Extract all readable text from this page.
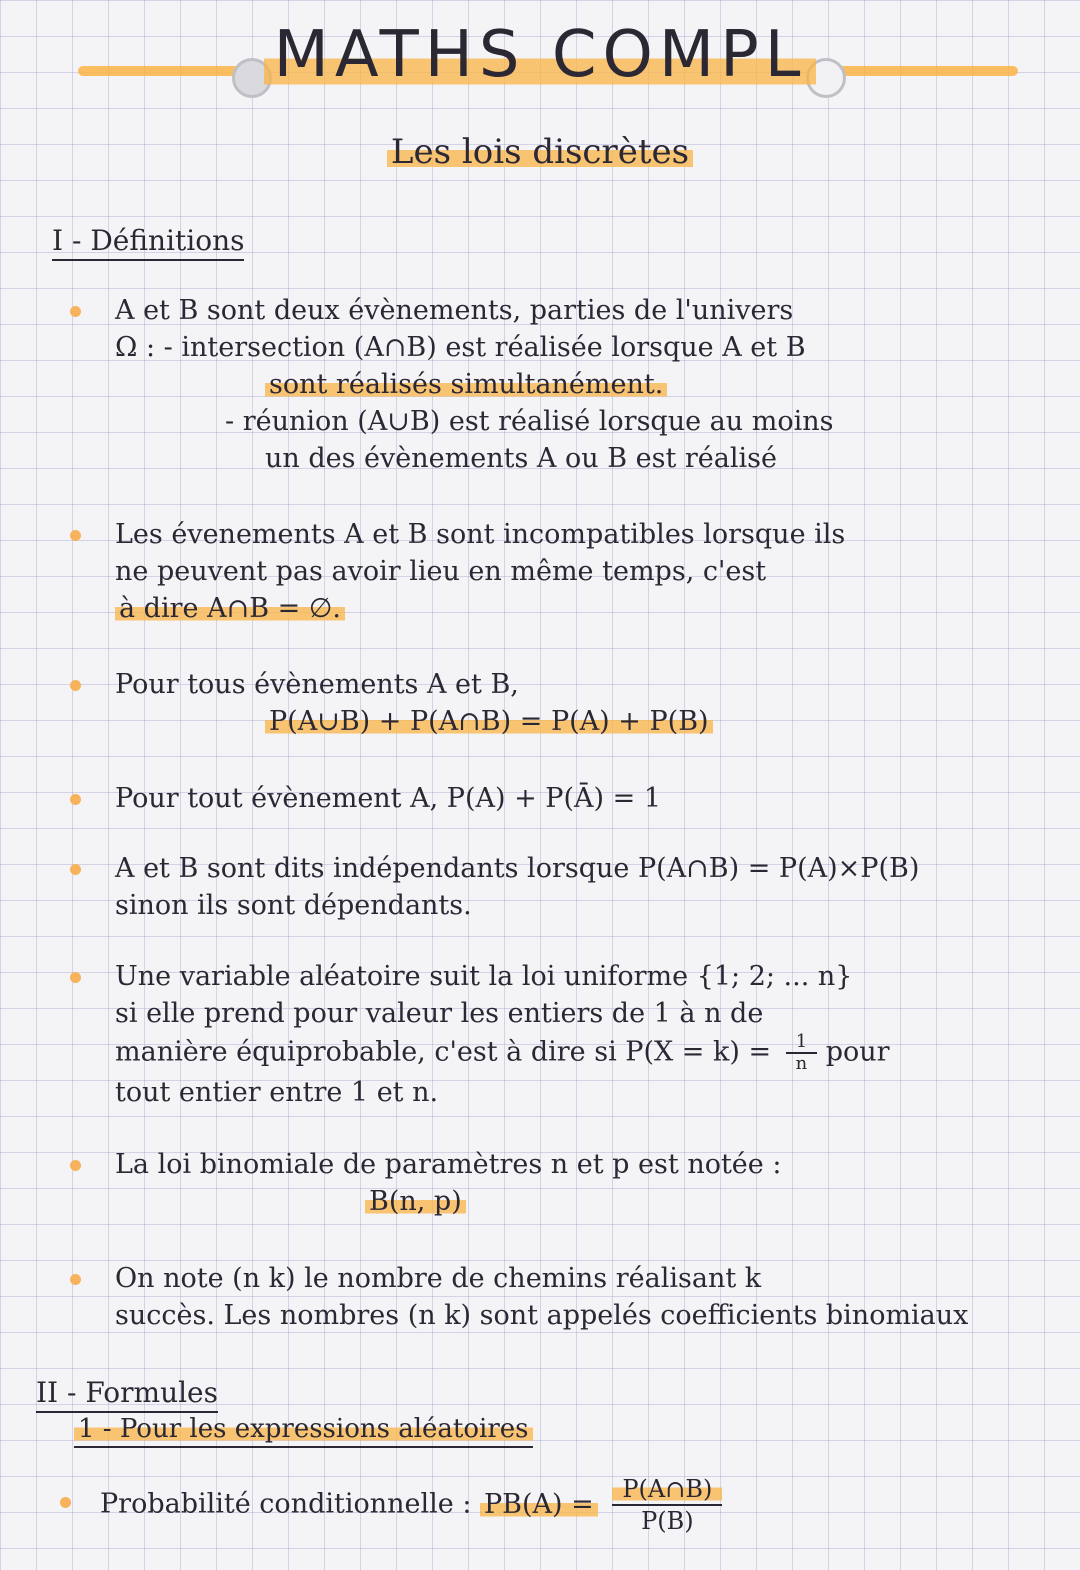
MATHS COMPL
Les lois discrètes
I - Définitions

A et B sont deux évènements, parties de l'univers

Ω : - intersection (A∩B) est réalisée lorsque A et B

sont réalisés simultanément.

- réunion (A∪B) est réalisé lorsque au moins

un des évènements A ou B est réalisé

Les évenements A et B sont incompatibles lorsque ils

ne peuvent pas avoir lieu en même temps, c'est

à dire A∩B = ∅.

Pour tous évènements A et B,

P(A∪B) + P(A∩B) = P(A) + P(B)

Pour tout évènement A, P(A) + P(Ā) = 1

A et B sont dits indépendants lorsque P(A∩B) = P(A)×P(B)

sinon ils sont dépendants.

Une variable aléatoire suit la loi uniforme {1; 2; ... n}

si elle prend pour valeur les entiers de 1 à n de

manière équiprobable, c'est à dire si $P(X = k) = \frac{1}{n}$ pour

tout entier entre 1 et n.

La loi binomiale de paramètres n et p est notée :

B(n, p)

On note (n k) le nombre de chemins réalisant k

succès. Les nombres (n k) sont appelés coefficients binomiaux

II - Formules
1 - Pour les expressions aléatoires

Probabilité conditionnelle : $PB(A) = \frac{P(A\cap B)}{P(B)}$
